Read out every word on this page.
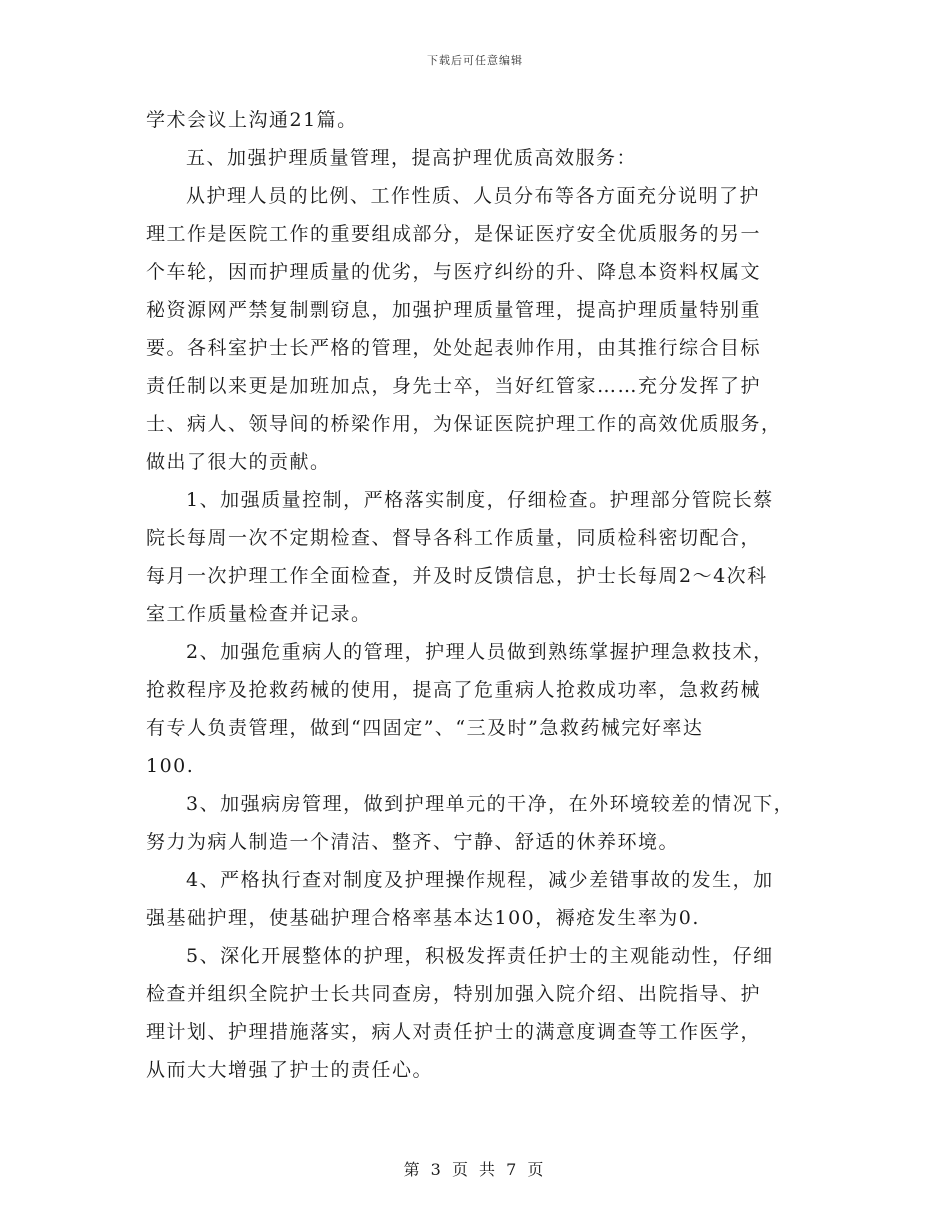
下载后可任意编辑
学术会议上沟通21篇。
五、加强护理质量管理，提高护理优质高效服务：
从护理人员的比例、工作性质、人员分布等各方面充分说明了护
理工作是医院工作的重要组成部分，是保证医疗安全优质服务的另一
个车轮，因而护理质量的优劣，与医疗纠纷的升、降息本资料权属文
秘资源网严禁复制剽窃息，加强护理质量管理，提高护理质量特别重
要。各科室护士长严格的管理，处处起表帅作用，由其推行综合目标
责任制以来更是加班加点，身先士卒，当好红管家……充分发挥了护
士、病人、领导间的桥梁作用，为保证医院护理工作的高效优质服务，
做出了很大的贡献。
1、加强质量控制，严格落实制度，仔细检查。护理部分管院长蔡
院长每周一次不定期检查、督导各科工作质量，同质检科密切配合，
每月一次护理工作全面检查，并及时反馈信息，护士长每周2～4次科
室工作质量检查并记录。
2、加强危重病人的管理，护理人员做到熟练掌握护理急救技术，
抢救程序及抢救药械的使用，提高了危重病人抢救成功率，急救药械
有专人负责管理，做到“四固定”、“三及时”急救药械完好率达
100.
3、加强病房管理，做到护理单元的干净，在外环境较差的情况下，
努力为病人制造一个清洁、整齐、宁静、舒适的休养环境。
4、严格执行查对制度及护理操作规程，减少差错事故的发生，加
强基础护理，使基础护理合格率基本达100，褥疮发生率为0.
5、深化开展整体的护理，积极发挥责任护士的主观能动性，仔细
检查并组织全院护士长共同查房，特别加强入院介绍、出院指导、护
理计划、护理措施落实，病人对责任护士的满意度调查等工作医学，
从而大大增强了护士的责任心。
第 3 页 共 7 页
